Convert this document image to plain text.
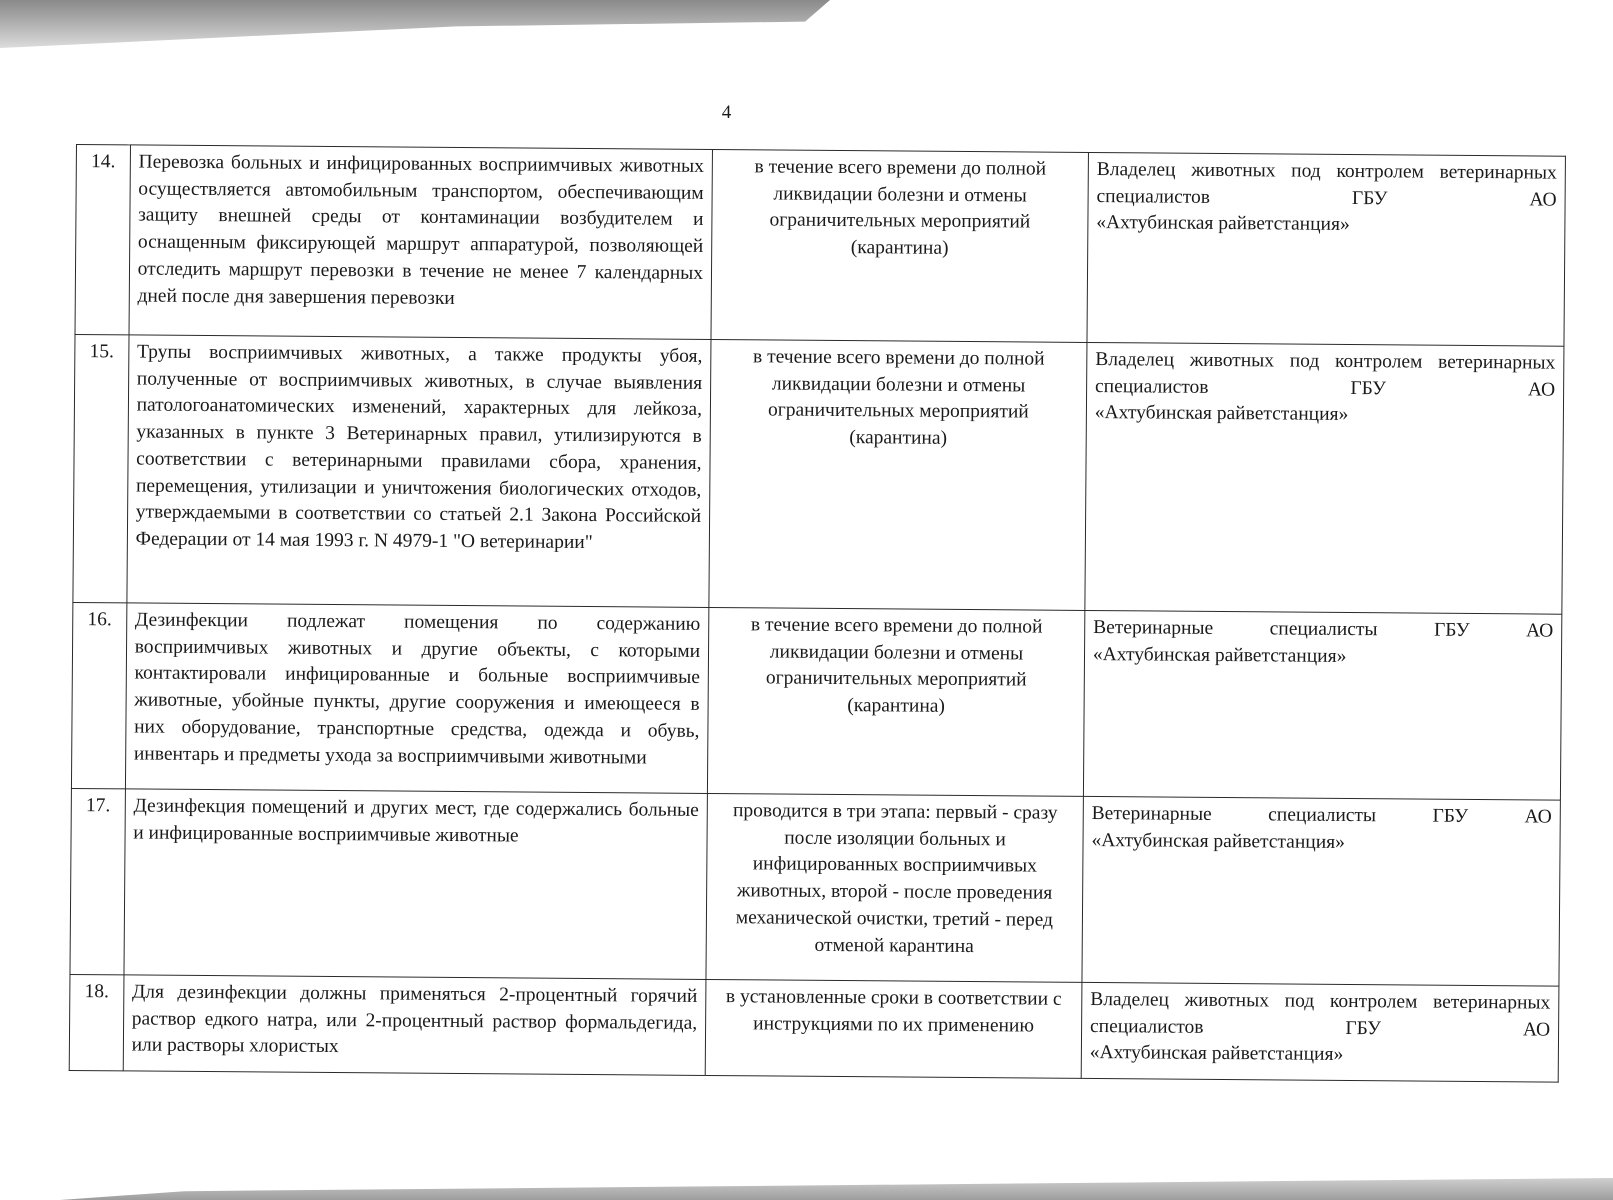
4
14.	Перевозка больных и инфицированных восприимчивых животных осуществляется автомобильным транспортом, обеспечивающим защиту внешней среды от контаминации возбудителем и оснащенным фиксирующей маршрут аппаратурой, позволяющей отследить маршрут перевозки в течение не менее 7 календарных дней после дня завершения перевозки	в течение всего времени до полной ликвидации болезни и отмены ограничительных мероприятий (карантина)	Владелец животных под контролем ветеринарных специалистов ГБУ АО
«Ахтубинская райветстанция»

15.	Трупы восприимчивых животных, а также продукты убоя, полученные от восприимчивых животных, в случае выявления патологоанатомических изменений, характерных для лейкоза, указанных в пункте 3 Ветеринарных правил, утилизируются в соответствии с ветеринарными правилами сбора, хранения, перемещения, утилизации и уничтожения биологических отходов, утверждаемыми в соответствии со статьей 2.1 Закона Российской Федерации от 14 мая 1993 г. N 4979-1 "О ветеринарии"	в течение всего времени до полной ликвидации болезни и отмены ограничительных мероприятий (карантина)	Владелец животных под контролем ветеринарных специалистов ГБУ АО
«Ахтубинская райветстанция»

16.	Дезинфекции подлежат помещения по содержанию восприимчивых животных и другие объекты, с которыми контактировали инфицированные и больные восприимчивые животные, убойные пункты, другие сооружения и имеющееся в них оборудование, транспортные средства, одежда и обувь, инвентарь и предметы ухода за восприимчивыми животными	в течение всего времени до полной ликвидации болезни и отмены ограничительных мероприятий (карантина)	Ветеринарные специалисты ГБУ АО
«Ахтубинская райветстанция»

17.	Дезинфекция помещений и других мест, где содержались больные и инфицированные восприимчивые животные	проводится в три этапа: первый - сразу после изоляции больных и инфицированных восприимчивых животных, второй - после проведения механической очистки, третий - перед отменой карантина	Ветеринарные специалисты ГБУ АО
«Ахтубинская райветстанция»

18.	Для дезинфекции должны применяться 2-процентный горячий раствор едкого натра, или 2-процентный раствор формальдегида, или растворы хлористых	в установленные сроки в соответствии с инструкциями по их применению	Владелец животных под контролем ветеринарных специалистов ГБУ АО
«Ахтубинская райветстанция»
